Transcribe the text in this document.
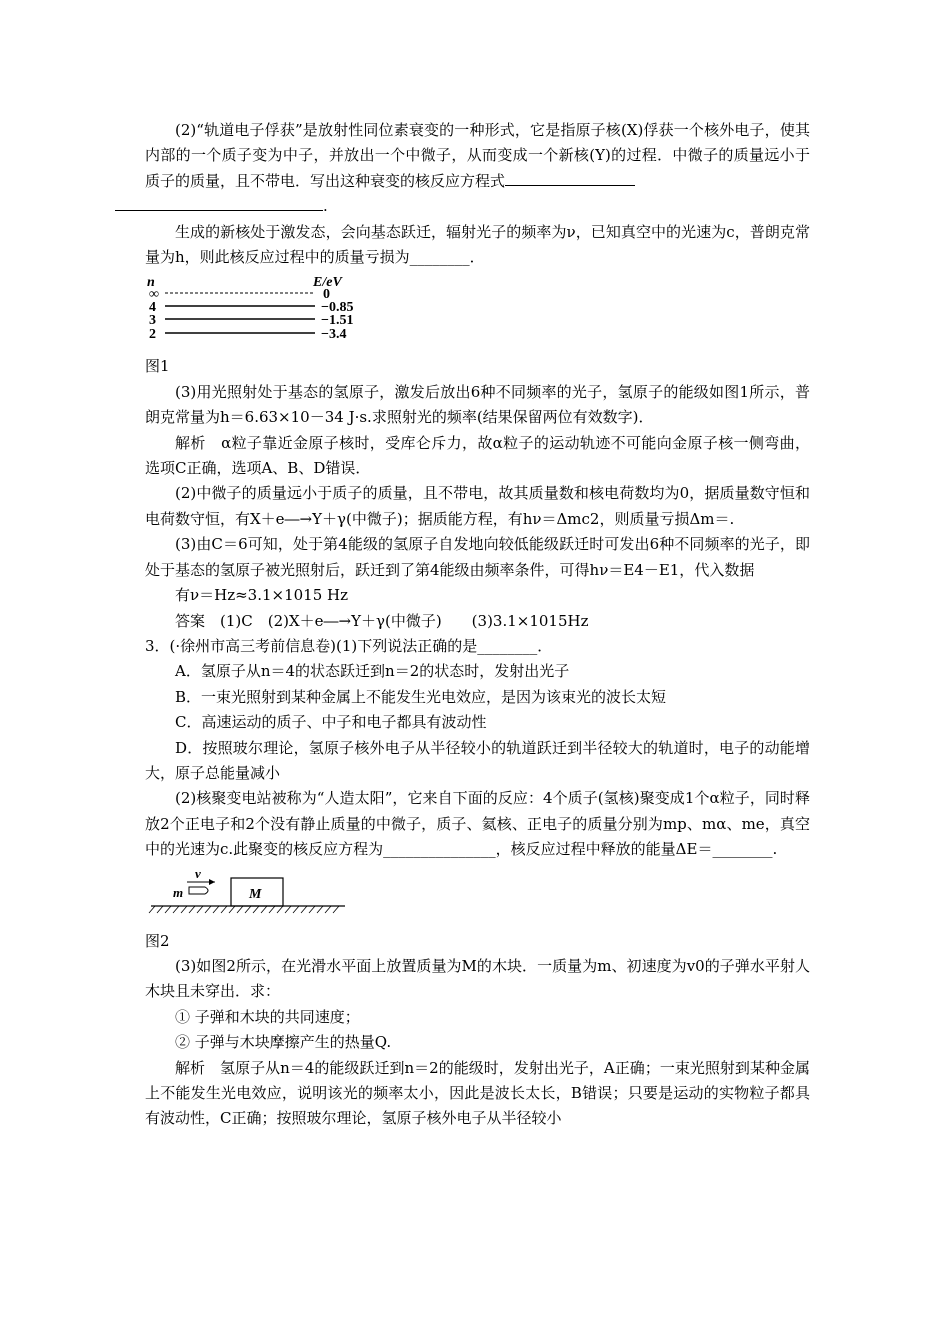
(2)“轨道电子俘获”是放射性同位素衰变的一种形式，它是指原子核(X)俘获一个核外电子，使其内部的一个质子变为中子，并放出一个中微子，从而变成一个新核(Y)的过程．中微子的质量远小于质子的质量，且不带电．写出这种衰变的核反应方程式
.

生成的新核处于激发态，会向基态跃迁，辐射光子的频率为ν，已知真空中的光速为c，普朗克常量为h，则此核反应过程中的质量亏损为________．

n	E/eV
∞	0
4	−0.85
3	−1.51
2	−3.4

图1

(3)用光照射处于基态的氢原子，激发后放出6种不同频率的光子，氢原子的能级如图1所示，普朗克常量为h＝6.63×10－34 J·s.求照射光的频率(结果保留两位有效数字)．

解析　α粒子靠近金原子核时，受库仑斥力，故α粒子的运动轨迹不可能向金原子核一侧弯曲，选项C正确，选项A、B、D错误．

(2)中微子的质量远小于质子的质量，且不带电，故其质量数和核电荷数均为0，据质量数守恒和电荷数守恒，有X＋e―→Y＋γ(中微子)；据质能方程，有hν＝Δmc2，则质量亏损Δm＝.

(3)由C＝6可知，处于第4能级的氢原子自发地向较低能级跃迁时可发出6种不同频率的光子，即处于基态的氢原子被光照射后，跃迁到了第4能级由频率条件，可得hν＝E4－E1，代入数据

有ν＝Hz≈3.1×1015 Hz

答案　(1)C　(2)X＋e―→Y＋γ(中微子)　　(3)3.1×1015Hz

3．(·徐州市高三考前信息卷)(1)下列说法正确的是________．

A．氢原子从n＝4的状态跃迁到n＝2的状态时，发射出光子

B．一束光照射到某种金属上不能发生光电效应，是因为该束光的波长太短

C．高速运动的质子、中子和电子都具有波动性

D．按照玻尔理论，氢原子核外电子从半径较小的轨道跃迁到半径较大的轨道时，电子的动能增大，原子总能量减小

(2)核聚变电站被称为“人造太阳”，它来自下面的反应：4个质子(氢核)聚变成1个α粒子，同时释放2个正电子和2个没有静止质量的中微子，质子、氦核、正电子的质量分别为mp、mα、me，真空中的光速为c.此聚变的核反应方程为_______________，核反应过程中释放的能量ΔE＝________.

v
m	M

图2

(3)如图2所示，在光滑水平面上放置质量为M的木块．一质量为m、初速度为v0的子弹水平射人木块且未穿出．求：

① 子弹和木块的共同速度；

② 子弹与木块摩擦产生的热量Q.

解析　氢原子从n＝4的能级跃迁到n＝2的能级时，发射出光子，A正确；一束光照射到某种金属上不能发生光电效应，说明该光的频率太小，因此是波长太长，B错误；只要是运动的实物粒子都具有波动性，C正确；按照玻尔理论，氢原子核外电子从半径较小
